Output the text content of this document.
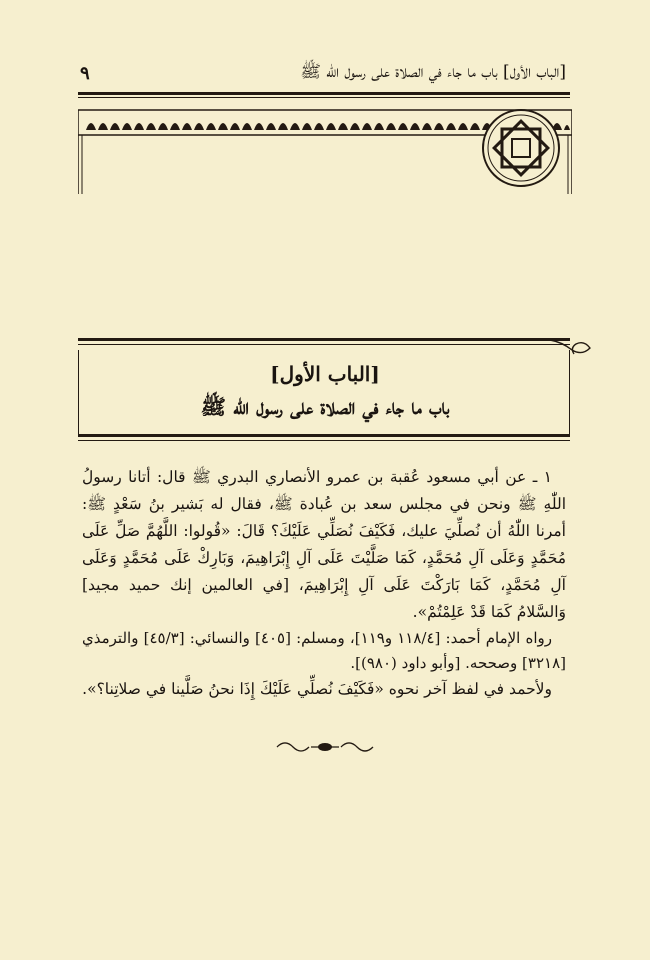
[الباب الأول] باب ما جاء في الصلاة على رسول الله ﷺ
٩
[الباب الأول]
باب ما جاء في الصلاة على رسول الله ﷺ

١ ـ عن أبي مسعود عُقبة بن عمرو الأنصاري البدري ﷺ قال: أتانا رسولُ اللّٰهِ ﷺ ونحن في مجلس سعد بن عُبادة ﷺ، فقال له بَشير بنُ سَعْدٍ ﷺ: أمرنا اللّٰهُ أن نُصلِّيَ عليك، فَكَيْفَ نُصَلِّي عَلَيْكَ؟ قَالَ: «قُولوا: اللَّهُمَّ صَلِّ عَلَى مُحَمَّدٍ وَعَلَى آلِ مُحَمَّدٍ، كَمَا صَلَّيْتَ عَلَى آلِ إِبْرَاهِيمَ، وَبَارِكْ عَلَى مُحَمَّدٍ وَعَلَى آلِ مُحَمَّدٍ، كَمَا بَارَكْتَ عَلَى آلِ إِبْرَاهِيمَ، [في العالمين إنك حميد مجيد] وَالسَّلامُ كَمَا قَدْ عَلِمْتُمْ».

رواه الإمام أحمد: [١١٨/٤ و١١٩]، ومسلم: [٤٠٥] والنسائي: [٤٥/٣] والترمذي [٣٢١٨] وصححه. [وأبو داود (٩٨٠)].

ولأحمد في لفظ آخر نحوه «فَكَيْفَ نُصلِّي عَلَيْكَ إِذَا نحنُ صَلَّينا في صلاتِنا؟».
